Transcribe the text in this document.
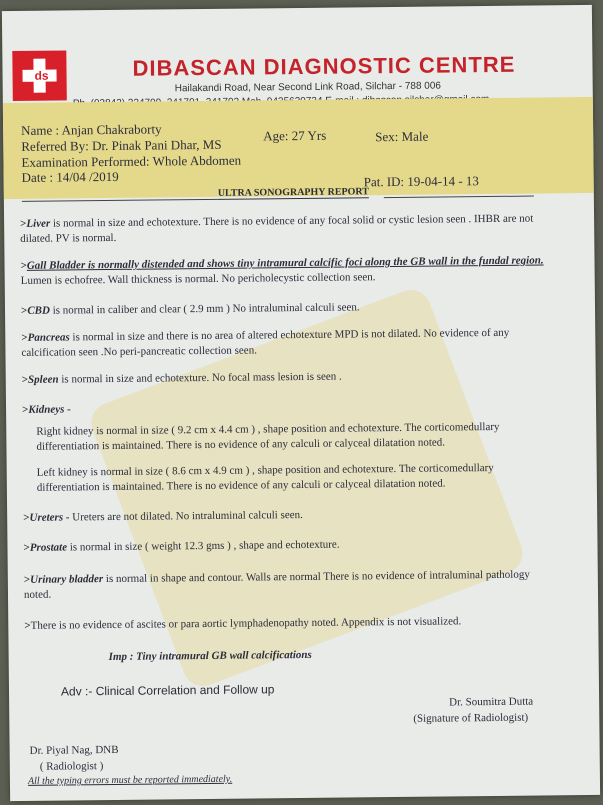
ds	DIBASCAN DIAGNOSTIC CENTRE
Hailakandi Road, Near Second Link Road, Silchar - 788 006
Name : Anjan Chakraborty	Age: 27 Yrs	Sex: Male
Referred By: Dr. Pinak Pani Dhar, MS
Examination Performed: Whole Abdomen
Date : 14/04 /2019	Pat. ID: 19-04-14 - 13
ULTRA SONOGRAPHY REPORT
>Liver is normal in size and echotexture. There is no evidence of any focal solid or cystic lesion seen . IHBR are not dilated. PV is normal.
>Gall Bladder is normally distended and shows tiny intramural calcific foci along the GB wall in the fundal region. Lumen is echofree. Wall thickness is normal. No pericholecystic collection seen.
>CBD is normal in caliber and clear ( 2.9 mm ) No intraluminal calculi seen.
>Pancreas is normal in size and there is no area of altered echotexture MPD is not dilated. No evidence of any calcification seen .No peri-pancreatic collection seen.
>Spleen is normal in size and echotexture. No focal mass lesion is seen .
>Kidneys -
Right kidney is normal in size ( 9.2 cm x 4.4 cm ) , shape position and echotexture. The corticomedullary differentiation is maintained. There is no evidence of any calculi or calyceal dilatation noted.
Left kidney is normal in size ( 8.6 cm x 4.9 cm ) , shape position and echotexture. The corticomedullary differentiation is maintained. There is no evidence of any calculi or calyceal dilatation noted.
>Ureters - Ureters are not dilated. No intraluminal calculi seen.
>Prostate is normal in size ( weight 12.3 gms ) , shape and echotexture.
>Urinary bladder is normal in shape and contour. Walls are normal There is no evidence of intraluminal pathology noted.
>There is no evidence of ascites or para aortic lymphadenopathy noted. Appendix is not visualized.
Imp : Tiny intramural GB wall calcifications
Adv :- Clinical Correlation and Follow up
Dr. Soumitra Dutta
(Signature of Radiologist)
Dr. Piyal Nag, DNB
( Radiologist )
All the typing errors must be reported immediately.
